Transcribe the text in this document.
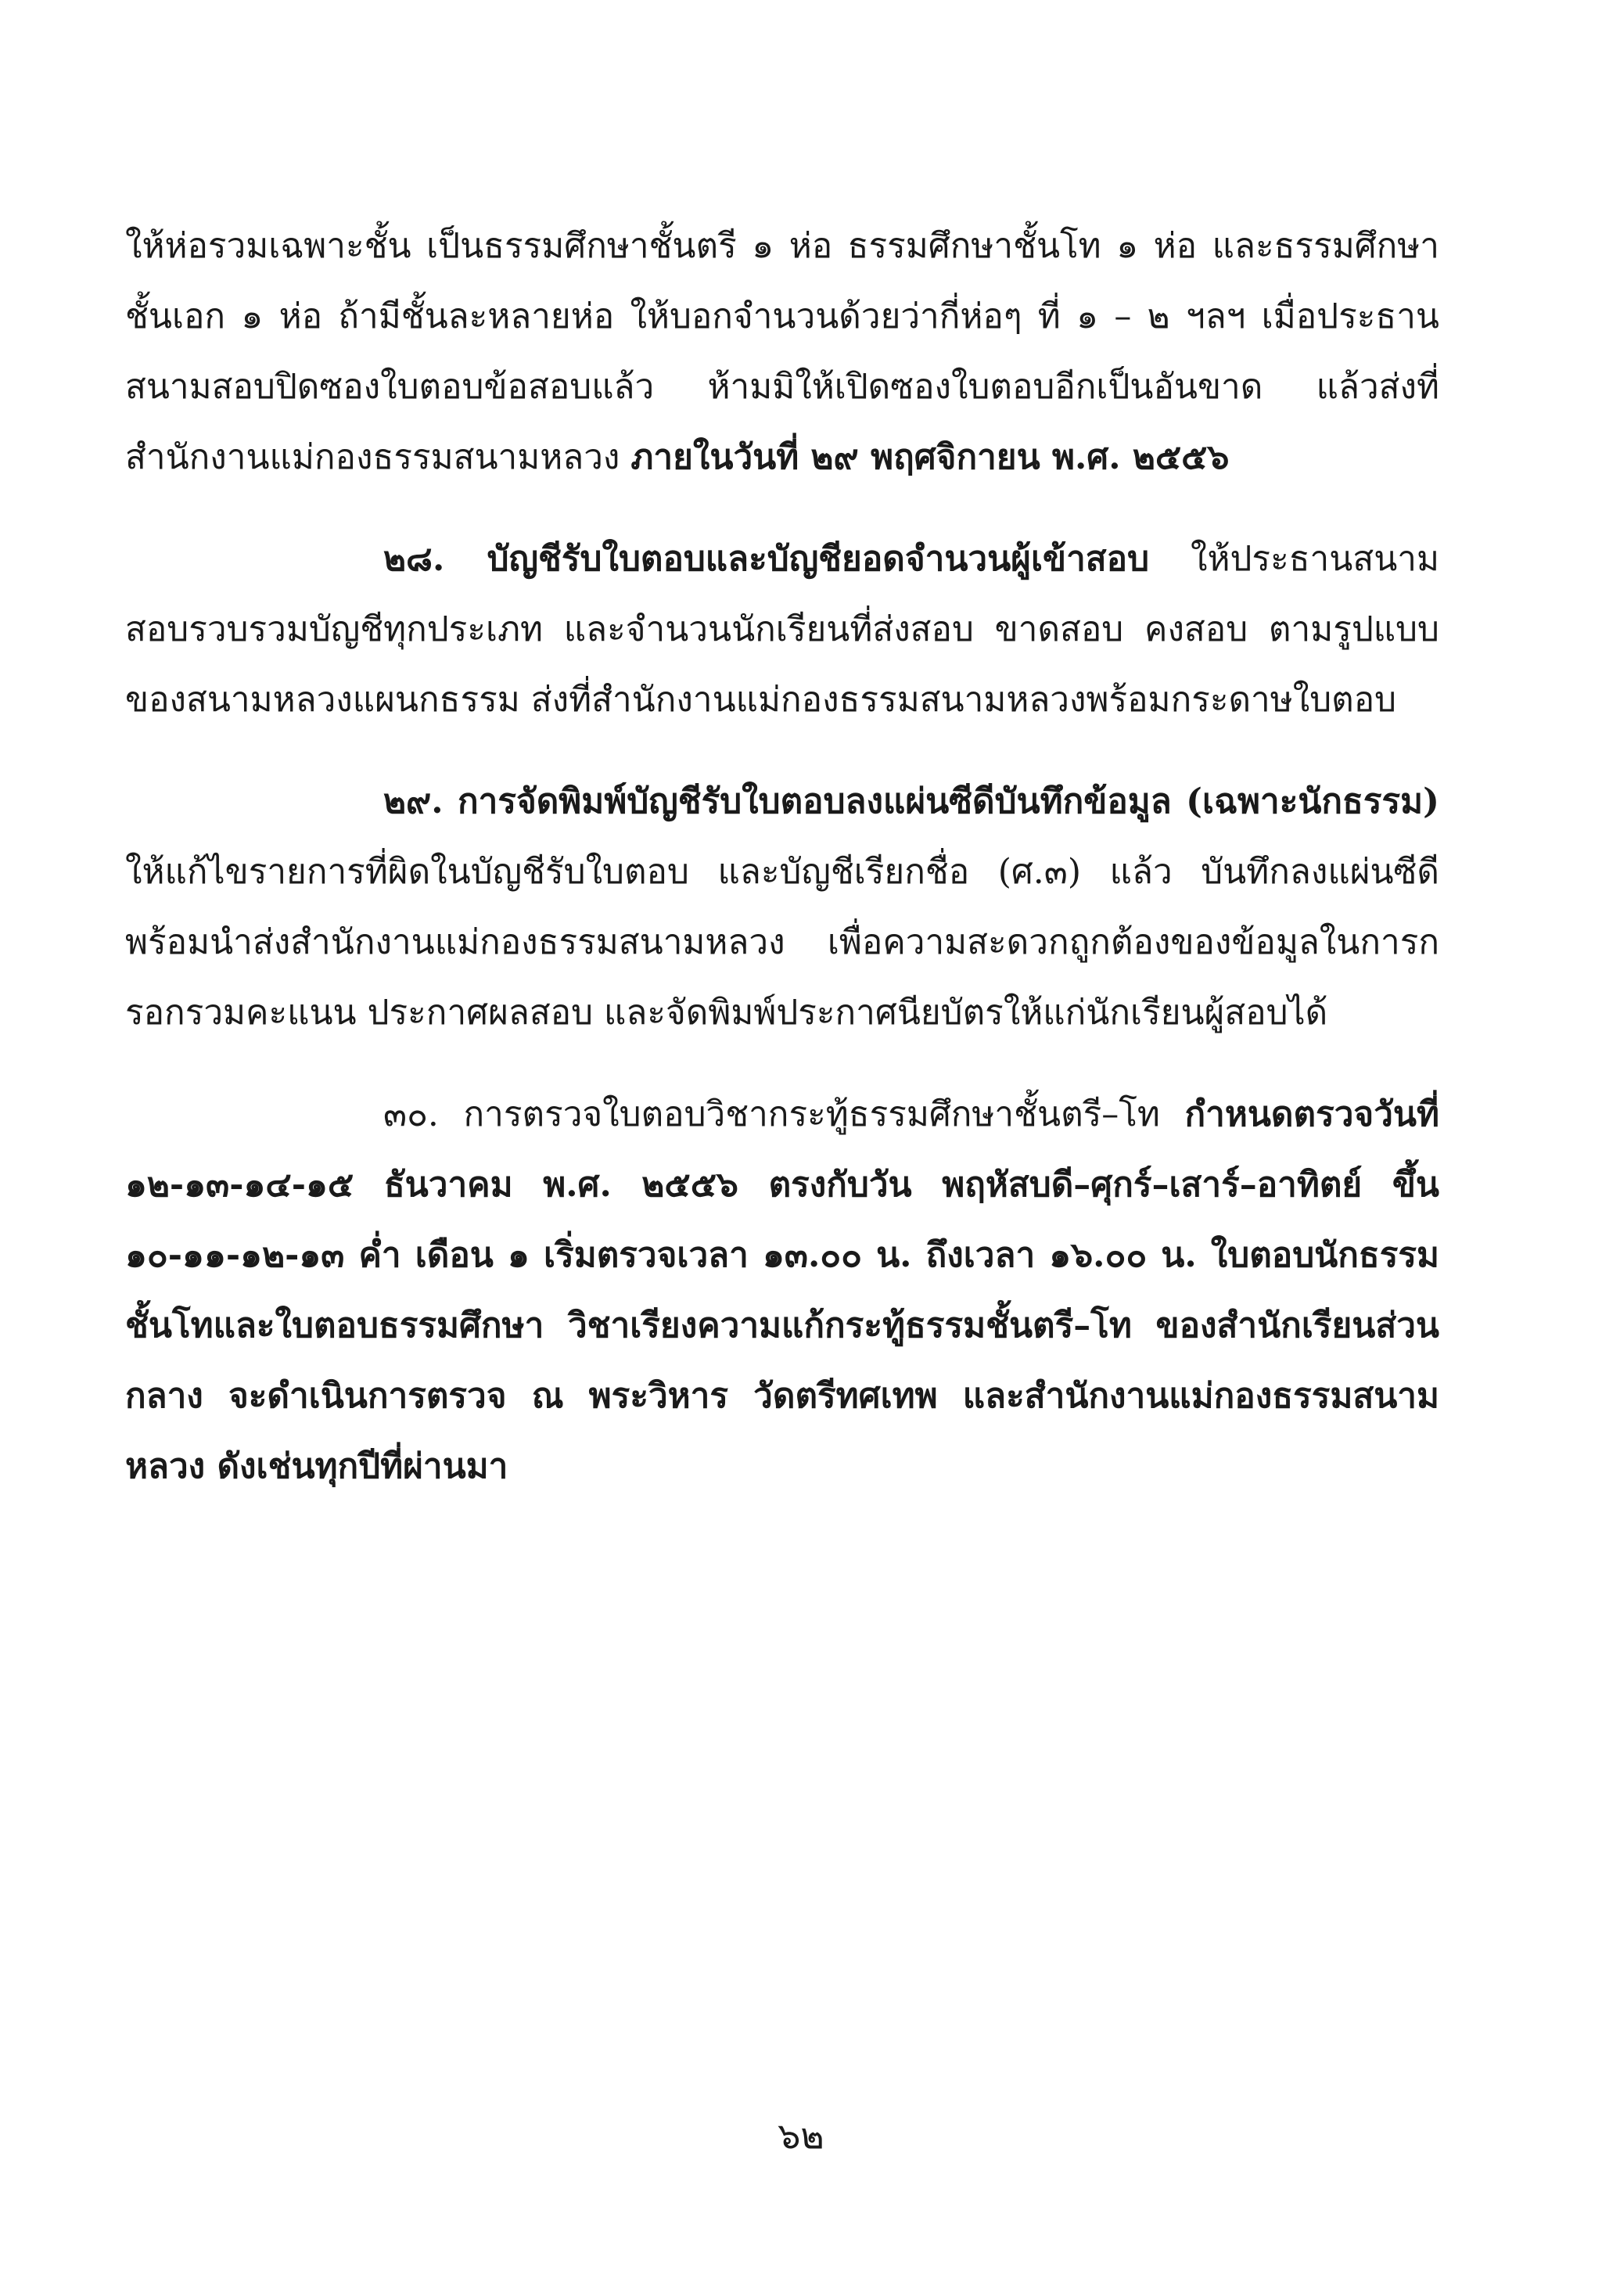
ให้ห่อรวมเฉพาะชั้น เป็นธรรมศึกษาชั้นตรี ๑ ห่อ ธรรมศึกษาชั้นโท ๑ ห่อ และธรรมศึกษาชั้นเอก ๑ ห่อ ถ้ามีชั้นละหลายห่อ ให้บอกจำนวนด้วยว่ากี่ห่อๆ ที่ ๑ – ๒ ฯลฯ เมื่อประธานสนามสอบปิดซองใบตอบข้อสอบแล้ว ห้ามมิให้เปิดซองใบตอบอีกเป็นอันขาด แล้วส่งที่สำนักงานแม่กองธรรมสนามหลวง ภายในวันที่ ๒๙ พฤศจิกายน พ.ศ. ๒๕๕๖

๒๘. บัญชีรับใบตอบและบัญชียอดจำนวนผู้เข้าสอบ ให้ประธานสนามสอบรวบรวมบัญชีทุกประเภท และจำนวนนักเรียนที่ส่งสอบ ขาดสอบ คงสอบ ตามรูปแบบของสนามหลวงแผนกธรรม ส่งที่สำนักงานแม่กองธรรมสนามหลวงพร้อมกระดาษใบตอบ

๒๙. การจัดพิมพ์บัญชีรับใบตอบลงแผ่นซีดีบันทึกข้อมูล (เฉพาะนักธรรม) ให้แก้ไขรายการที่ผิดในบัญชีรับใบตอบ และบัญชีเรียกชื่อ (ศ.๓) แล้ว บันทึกลงแผ่นซีดี พร้อมนำส่งสำนักงานแม่กองธรรมสนามหลวง เพื่อความสะดวกถูกต้องของข้อมูลในการกรอกรวมคะแนน ประกาศผลสอบ และจัดพิมพ์ประกาศนียบัตรให้แก่นักเรียนผู้สอบได้

๓๐. การตรวจใบตอบวิชากระทู้ธรรมศึกษาชั้นตรี–โท กำหนดตรวจวันที่ ๑๒-๑๓-๑๔-๑๕ ธันวาคม พ.ศ. ๒๕๕๖ ตรงกับวัน พฤหัสบดี–ศุกร์–เสาร์–อาทิตย์ ขึ้น ๑๐-๑๑-๑๒-๑๓ ค่ำ เดือน ๑ เริ่มตรวจเวลา ๑๓.๐๐ น. ถึงเวลา ๑๖.๐๐ น. ใบตอบนักธรรมชั้นโทและใบตอบธรรมศึกษา วิชาเรียงความแก้กระทู้ธรรมชั้นตรี–โท ของสำนักเรียนส่วนกลาง จะดำเนินการตรวจ ณ พระวิหาร วัดตรีทศเทพ และสำนักงานแม่กองธรรมสนามหลวง ดังเช่นทุกปีที่ผ่านมา

๖๒
